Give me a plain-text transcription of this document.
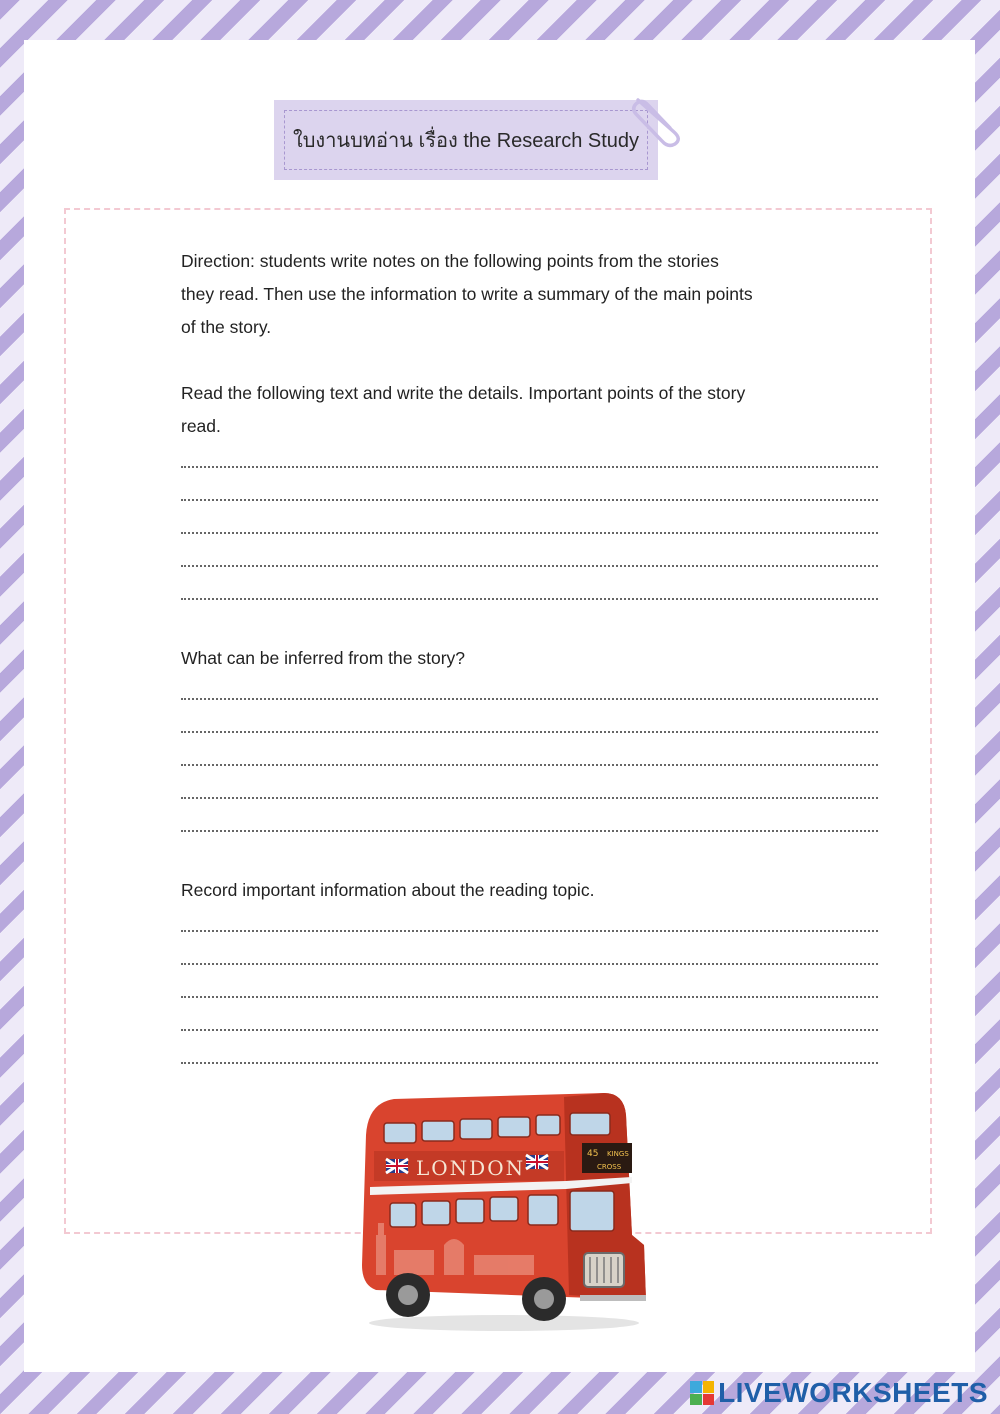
ใบงานบทอ่าน เรื่อง the Research Study

Direction: students write notes on the following points from the stories

they read. Then use the information to write a summary of the main points

of the story.

Read the following text and write the details. Important points of the story

read.

What can be inferred from the story?

Record important information about the reading topic.

LONDON
45 KINGS
CROSS
LIVEWORKSHEETS
